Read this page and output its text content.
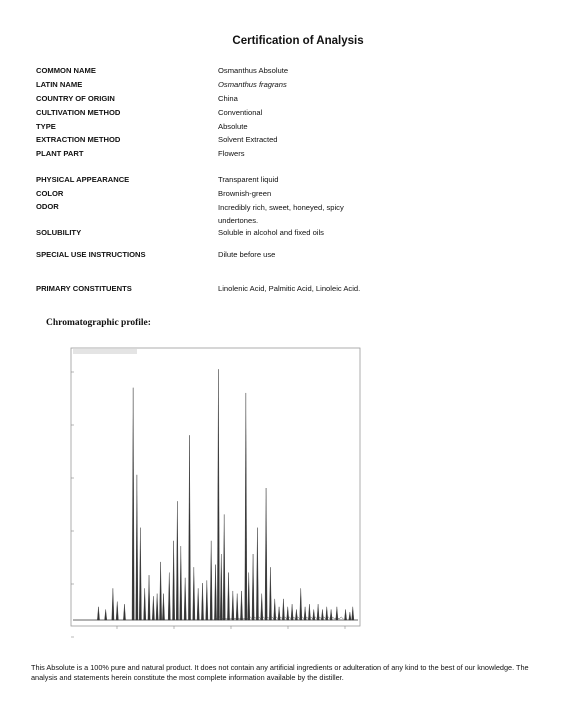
Certification of Analysis
COMMON NAME	Osmanthus Absolute
LATIN NAME	Osmanthus fragrans
COUNTRY OF ORIGIN	China
CULTIVATION METHOD	Conventional
TYPE	Absolute
EXTRACTION METHOD	Solvent Extracted
PLANT PART	Flowers
PHYSICAL APPEARANCE	Transparent liquid
COLOR	Brownish-green
ODOR	Incredibly rich, sweet, honeyed, spicy undertones.
SOLUBILITY	Soluble in alcohol and fixed oils
SPECIAL USE INSTRUCTIONS	Dilute before use
PRIMARY CONSTITUENTS	Linolenic Acid, Palmitic Acid, Linoleic Acid.
Chromatographic profile:
This Absolute is a 100% pure and natural product. It does not contain any artificial ingredients or adulteration of any kind to the best of our knowledge. The analysis and statements herein constitute the most complete information available by the distiller.
